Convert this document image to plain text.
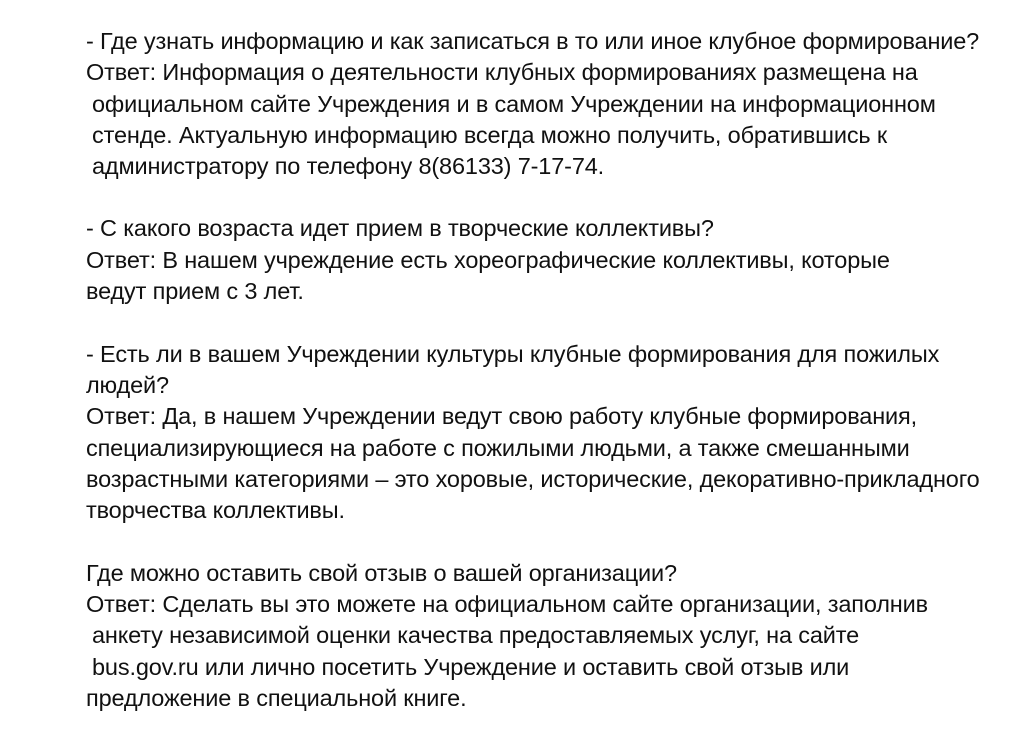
- Где узнать информацию и как записаться в то или иное клубное формирование?
Ответ: Информация о деятельности клубных формированиях размещена на
официальном сайте Учреждения и в самом Учреждении на информационном
стенде. Актуальную информацию всегда можно получить, обратившись к
администратору по телефону 8(86133) 7-17-74.
- С какого возраста идет прием в творческие коллективы?
Ответ: В нашем учреждение есть хореографические коллективы, которые
ведут прием с 3 лет.
- Есть ли в вашем Учреждении культуры клубные формирования для пожилых
людей?
Ответ: Да, в нашем Учреждении ведут свою работу клубные формирования,
специализирующиеся на работе с пожилыми людьми, а также смешанными
возрастными категориями – это хоровые, исторические, декоративно-прикладного
творчества коллективы.
Где можно оставить свой отзыв о вашей организации?
Ответ: Сделать вы это можете на официальном сайте организации, заполнив
анкету независимой оценки качества предоставляемых услуг, на сайте
bus.gov.ru или лично посетить Учреждение и оставить свой отзыв или
предложение в специальной книге.
